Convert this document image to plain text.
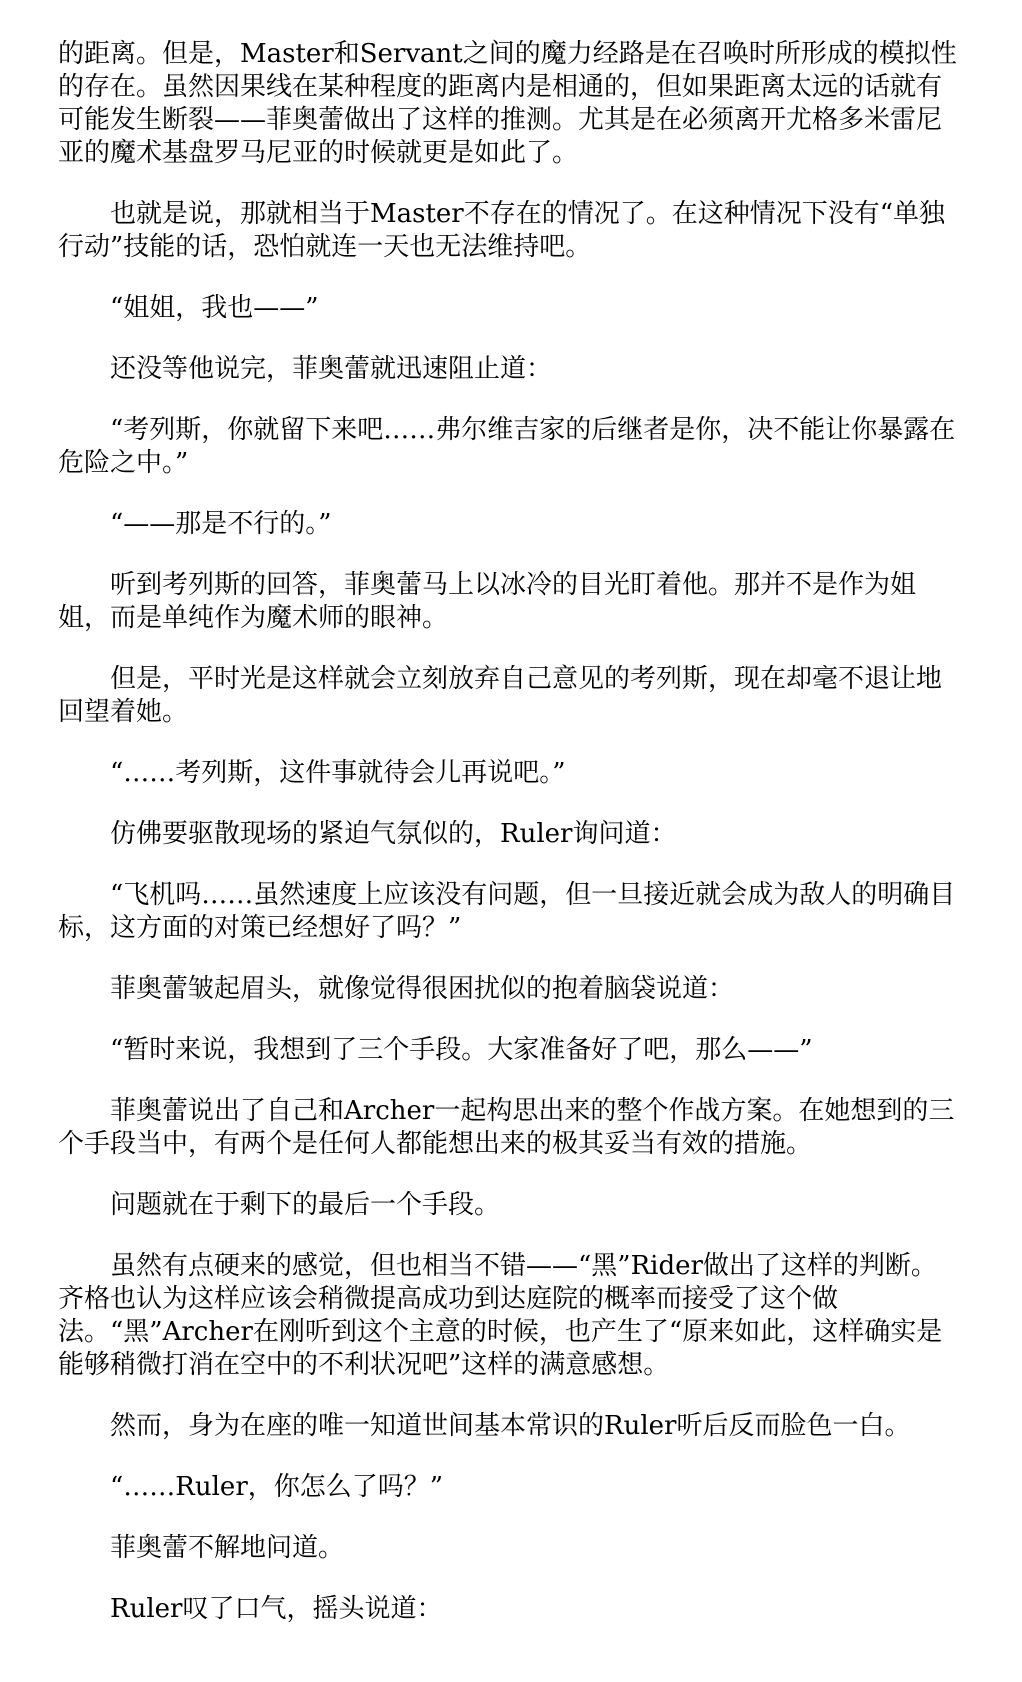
的距离。但是，Master和Servant之间的魔力经路是在召唤时所形成的模拟性的存在。虽然因果线在某种程度的距离内是相通的，但如果距离太远的话就有可能发生断裂——菲奥蕾做出了这样的推测。尤其是在必须离开尤格多米雷尼亚的魔术基盘罗马尼亚的时候就更是如此了。

也就是说，那就相当于Master不存在的情况了。在这种情况下没有“单独行动”技能的话，恐怕就连一天也无法维持吧。

“姐姐，我也——”

还没等他说完，菲奥蕾就迅速阻止道：

“考列斯，你就留下来吧……弗尔维吉家的后继者是你，决不能让你暴露在危险之中。”

“——那是不行的。”

听到考列斯的回答，菲奥蕾马上以冰冷的目光盯着他。那并不是作为姐姐，而是单纯作为魔术师的眼神。

但是，平时光是这样就会立刻放弃自己意见的考列斯，现在却毫不退让地回望着她。

“……考列斯，这件事就待会儿再说吧。”

仿佛要驱散现场的紧迫气氛似的，Ruler询问道：

“飞机吗……虽然速度上应该没有问题，但一旦接近就会成为敌人的明确目标，这方面的对策已经想好了吗？”

菲奥蕾皱起眉头，就像觉得很困扰似的抱着脑袋说道：

“暂时来说，我想到了三个手段。大家准备好了吧，那么——”

菲奥蕾说出了自己和Archer一起构思出来的整个作战方案。在她想到的三个手段当中，有两个是任何人都能想出来的极其妥当有效的措施。

问题就在于剩下的最后一个手段。

虽然有点硬来的感觉，但也相当不错——“黑”Rider做出了这样的判断。齐格也认为这样应该会稍微提高成功到达庭院的概率而接受了这个做法。“黑”Archer在刚听到这个主意的时候，也产生了“原来如此，这样确实是能够稍微打消在空中的不利状况吧”这样的满意感想。

然而，身为在座的唯一知道世间基本常识的Ruler听后反而脸色一白。

“……Ruler，你怎么了吗？”

菲奥蕾不解地问道。

Ruler叹了口气，摇头说道：
